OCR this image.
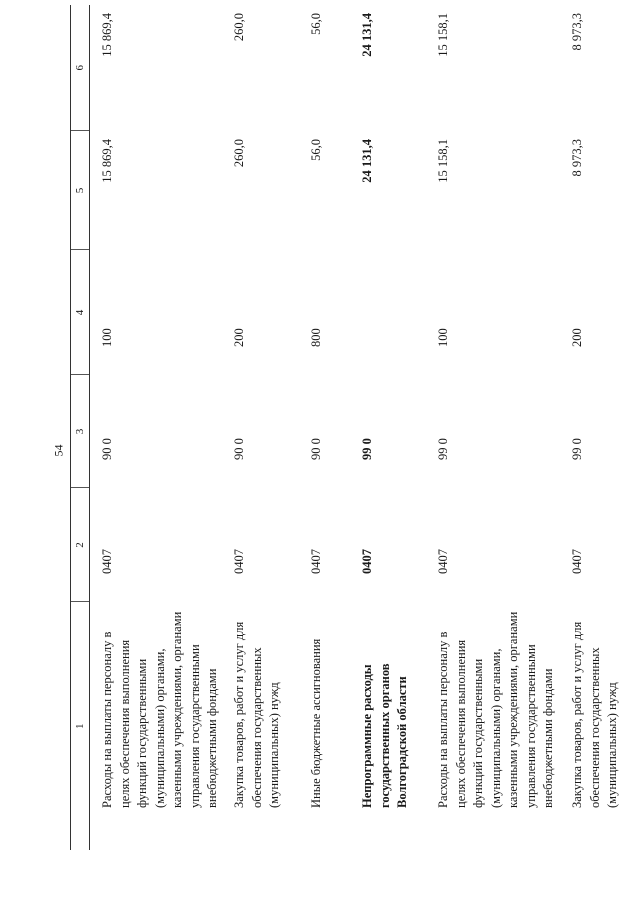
54
1	2	3	4	5	6
Расходы на выплаты персоналу в целях обеспечения выполнения функций государственными (муниципальными) органами, казенными учреждениями, органами управления государственными внебюджетными фондами	0407	90 0	100	15 869,4	15 869,4
Закупка товаров, работ и услуг для обеспечения государственных (муниципальных) нужд	0407	90 0	200	260,0	260,0
Иные бюджетные ассигнования	0407	90 0	800	56,0	56,0
Непрограммные расходы государственных органов Волгоградской области	0407	99 0		24 131,4	24 131,4
Расходы на выплаты персоналу в целях обеспечения выполнения функций государственными (муниципальными) органами, казенными учреждениями, органами управления государственными внебюджетными фондами	0407	99 0	100	15 158,1	15 158,1
Закупка товаров, работ и услуг для обеспечения государственных (муниципальных) нужд	0407	99 0	200	8 973,3	8 973,3
